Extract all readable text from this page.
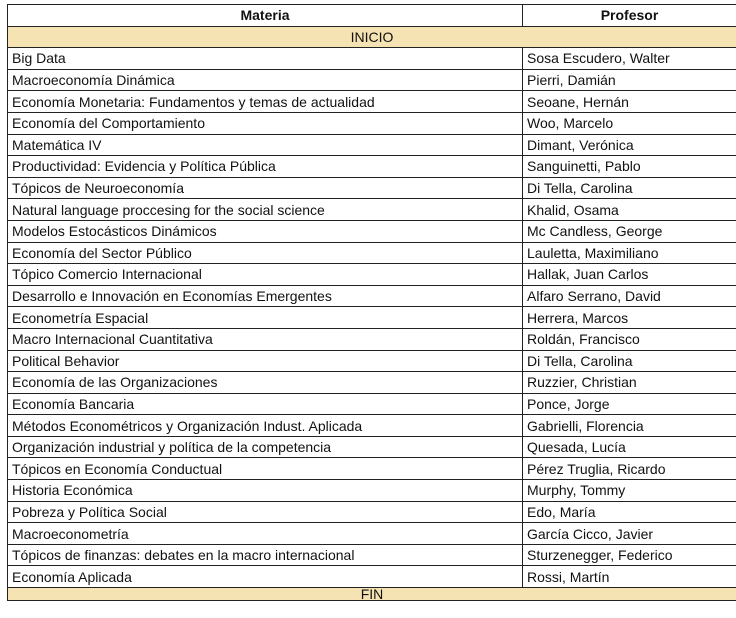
Materia	Profesor
INICIO	
Big Data	Sosa Escudero, Walter
Macroeconomía Dinámica	Pierri, Damián
Economía Monetaria: Fundamentos y temas de actualidad	Seoane, Hernán
Economía del Comportamiento	Woo, Marcelo
Matemática IV	Dimant, Verónica
Productividad: Evidencia y Política Pública	Sanguinetti, Pablo
Tópicos de Neuroeconomía	Di Tella, Carolina
Natural language proccesing for the social science	Khalid, Osama
Modelos Estocásticos Dinámicos	Mc Candless, George
Economía del Sector Público	Lauletta, Maximiliano
Tópico Comercio Internacional	Hallak, Juan Carlos
Desarrollo e Innovación en Economías Emergentes	Alfaro Serrano, David
Econometría Espacial	Herrera, Marcos
Macro Internacional Cuantitativa	Roldán, Francisco
Political Behavior	Di Tella, Carolina
Economía de las Organizaciones	Ruzzier, Christian
Economía Bancaria	Ponce, Jorge
Métodos Econométricos y Organización Indust. Aplicada	Gabrielli, Florencia
Organización industrial y política de la competencia	Quesada, Lucía
Tópicos en Economía Conductual	Pérez Truglia, Ricardo
Historia Económica	Murphy, Tommy
Pobreza y Política Social	Edo, María
Macroeconometría	García Cicco, Javier
Tópicos de finanzas: debates en la macro internacional	Sturzenegger, Federico
Economía Aplicada	Rossi, Martín
FIN	
